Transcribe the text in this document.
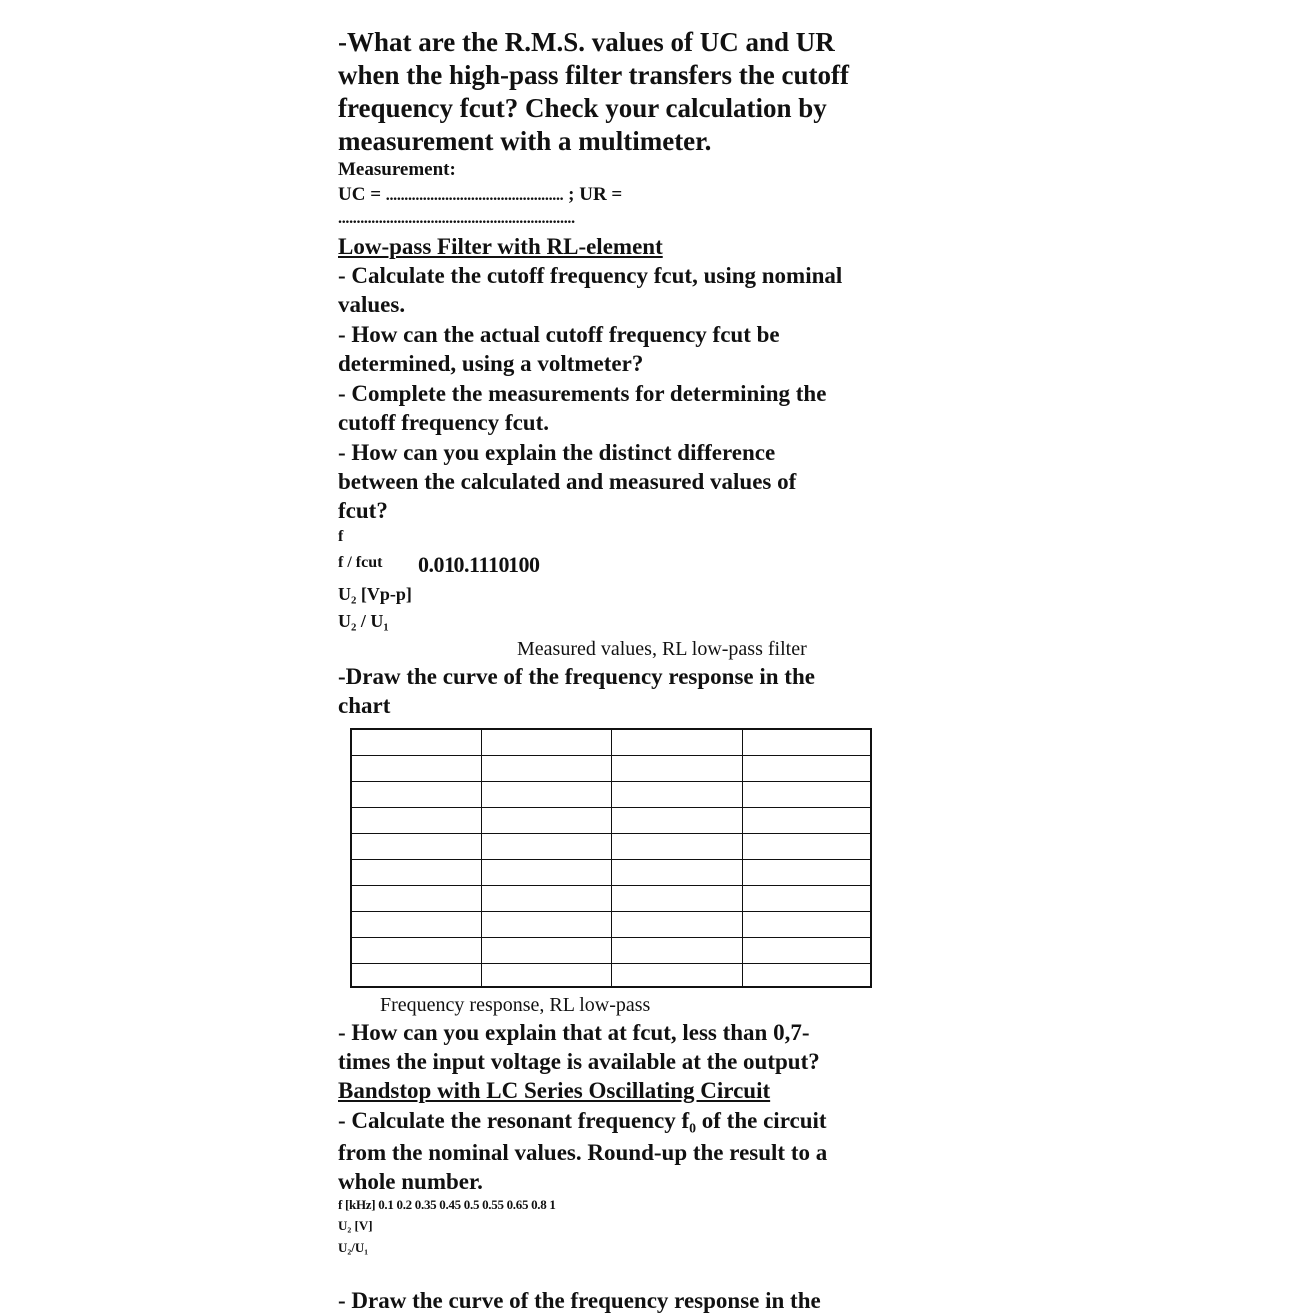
-What are the R.M.S. values of UC and UR
when the high-pass filter transfers the cutoff
frequency fcut? Check your calculation by
measurement with a multimeter.
Measurement:
UC = ................................................ ; UR =
................................................................
Low-pass Filter with RL-element
- Calculate the cutoff frequency fcut, using nominal
values.
- How can the actual cutoff frequency fcut be
determined, using a voltmeter?
- Complete the measurements for determining the
cutoff frequency fcut.
- How can you explain the distinct difference
between the calculated and measured values of
fcut?
f
f / fcut 0.01 0.1 1 10 100
U₂ [Vp-p]
U₂ / U₁
Measured values, RL low-pass filter
-Draw the curve of the frequency response in the
chart
Frequency response, RL low-pass
- How can you explain that at fcut, less than 0,7-
times the input voltage is available at the output?
Bandstop with LC Series Oscillating Circuit
- Calculate the resonant frequency f₀ of the circuit
from the nominal values. Round-up the result to a
whole number.
f [kHz] 0.1 0.2 0.35 0.45 0.5 0.55 0.65 0.8 1
U₂ [V]
U₂/U₁
- Draw the curve of the frequency response in the
